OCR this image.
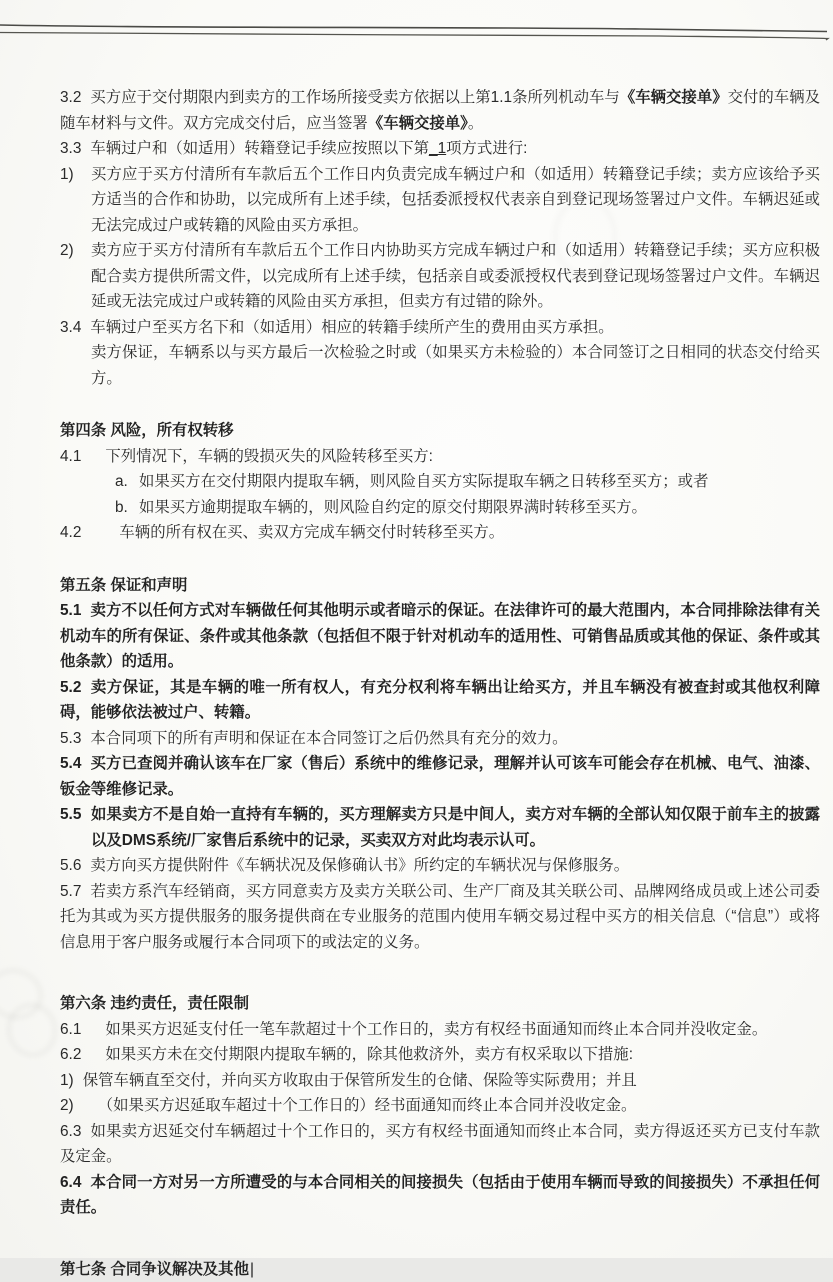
3.2 买方应于交付期限内到卖方的工作场所接受卖方依据以上第1.1条所列机动车与《车辆交接单》交付的车辆及随车材料与文件。双方完成交付后，应当签署《车辆交接单》。
3.3 车辆过户和（如适用）转籍登记手续应按照以下第_1项方式进行:
1) 买方应于买方付清所有车款后五个工作日内负责完成车辆过户和（如适用）转籍登记手续；卖方应该给予买方适当的合作和协助，以完成所有上述手续，包括委派授权代表亲自到登记现场签署过户文件。车辆迟延或无法完成过户或转籍的风险由买方承担。
2) 卖方应于买方付清所有车款后五个工作日内协助买方完成车辆过户和（如适用）转籍登记手续；买方应积极配合卖方提供所需文件，以完成所有上述手续，包括亲自或委派授权代表到登记现场签署过户文件。车辆迟延或无法完成过户或转籍的风险由买方承担，但卖方有过错的除外。
3.4 车辆过户至买方名下和（如适用）相应的转籍手续所产生的费用由买方承担。
卖方保证，车辆系以与买方最后一次检验之时或（如果买方未检验的）本合同签订之日相同的状态交付给买方。
第四条 风险，所有权转移
4.1 下列情况下，车辆的毁损灭失的风险转移至买方:
a. 如果买方在交付期限内提取车辆，则风险自买方实际提取车辆之日转移至买方；或者
b. 如果买方逾期提取车辆的，则风险自约定的原交付期限界满时转移至买方。
4.2 车辆的所有权在买、卖双方完成车辆交付时转移至买方。
第五条 保证和声明
5.1 卖方不以任何方式对车辆做任何其他明示或者暗示的保证。在法律许可的最大范围内，本合同排除法律有关机动车的所有保证、条件或其他条款（包括但不限于针对机动车的适用性、可销售品质或其他的保证、条件或其他条款）的适用。
5.2 卖方保证，其是车辆的唯一所有权人，有充分权利将车辆出让给买方，并且车辆没有被查封或其他权利障碍，能够依法被过户、转籍。
5.3 本合同项下的所有声明和保证在本合同签订之后仍然具有充分的效力。
5.4 买方已查阅并确认该车在厂家（售后）系统中的维修记录，理解并认可该车可能会存在机械、电气、油漆、钣金等维修记录。
5.5 如果卖方不是自始一直持有车辆的，买方理解卖方只是中间人，卖方对车辆的全部认知仅限于前车主的披露以及DMS系统/厂家售后系统中的记录，买卖双方对此均表示认可。
5.6 卖方向买方提供附件《车辆状况及保修确认书》所约定的车辆状况与保修服务。
5.7 若卖方系汽车经销商，买方同意卖方及卖方关联公司、生产厂商及其关联公司、品牌网络成员或上述公司委托为其或为买方提供服务的服务提供商在专业服务的范围内使用车辆交易过程中买方的相关信息（“信息”）或将信息用于客户服务或履行本合同项下的或法定的义务。
第六条 违约责任，责任限制
6.1 如果买方迟延支付任一笔车款超过十个工作日的，卖方有权经书面通知而终止本合同并没收定金。
6.2 如果买方未在交付期限内提取车辆的，除其他救济外，卖方有权采取以下措施:
1) 保管车辆直至交付，并向买方收取由于保管所发生的仓储、保险等实际费用；并且
2) （如果买方迟延取车超过十个工作日的）经书面通知而终止本合同并没收定金。
6.3 如果卖方迟延交付车辆超过十个工作日的，买方有权经书面通知而终止本合同，卖方得返还买方已支付车款及定金。
6.4 本合同一方对另一方所遭受的与本合同相关的间接损失（包括由于使用车辆而导致的间接损失）不承担任何责任。
第七条 合同争议解决及其他|
